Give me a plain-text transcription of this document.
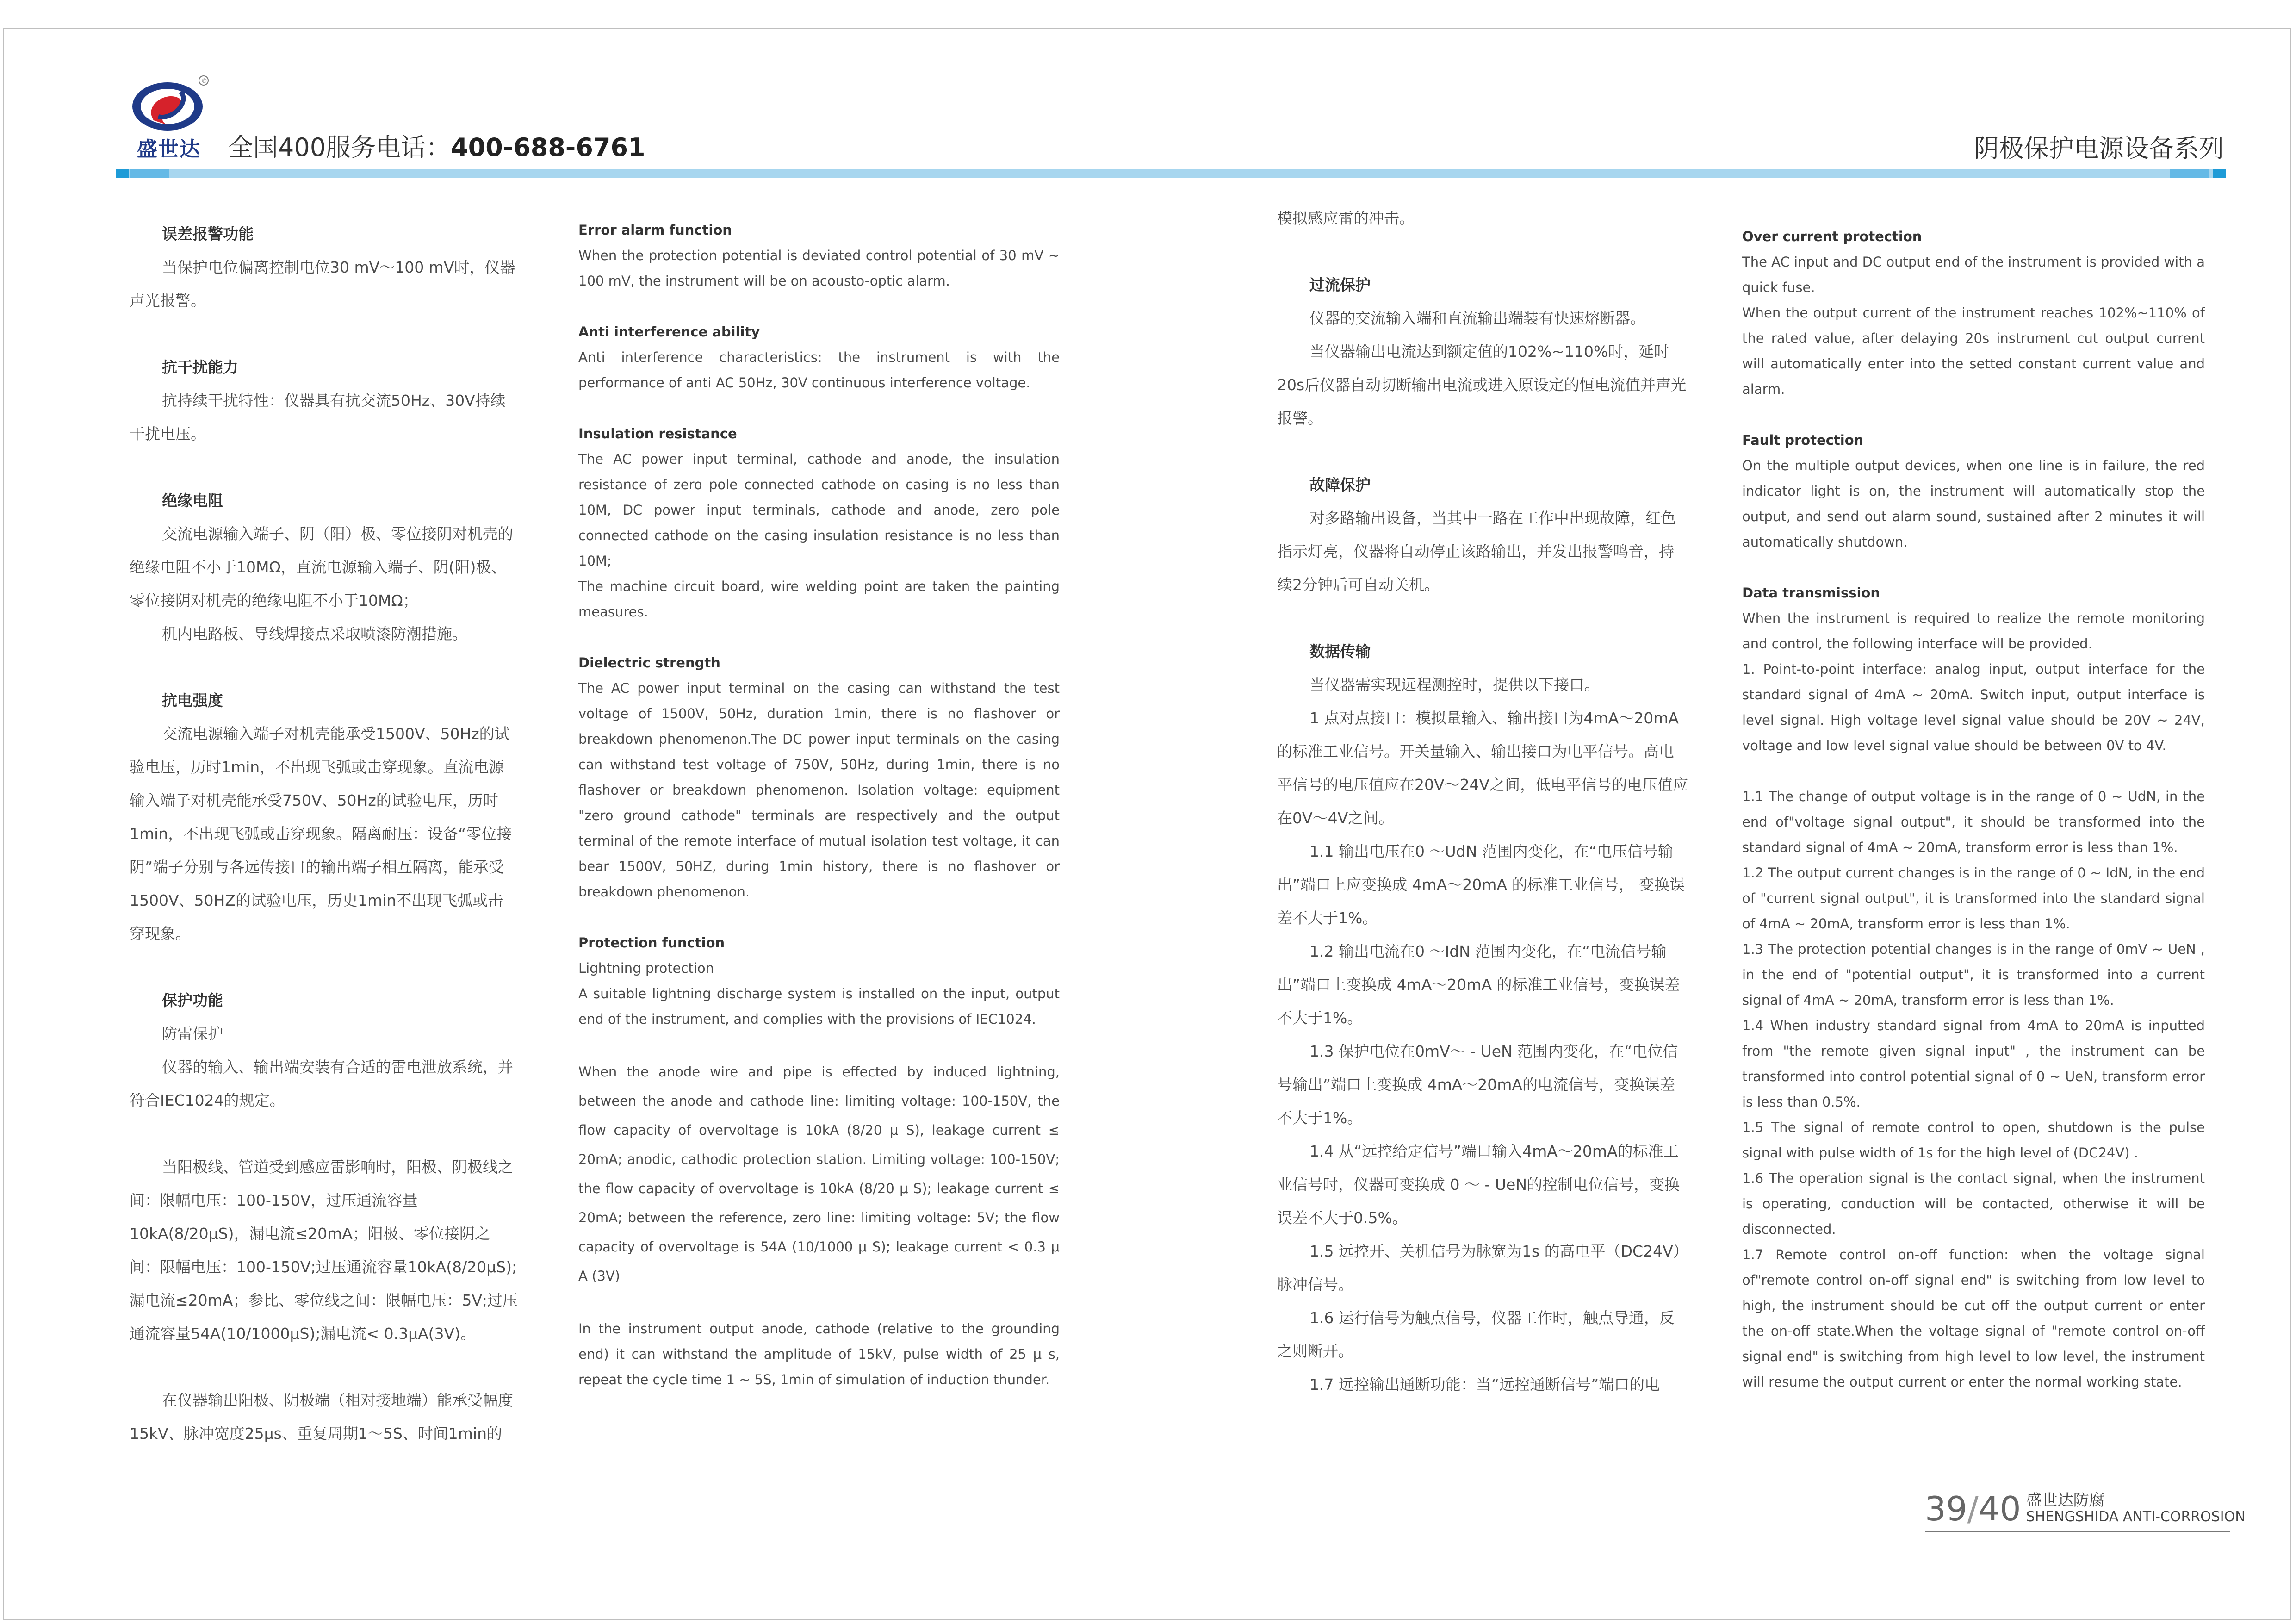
®
盛世达 全国400服务电话：400-688-6761	阴极保护电源设备系列
误差报警功能

当保护电位偏离控制电位30 mV～100 mV时，仪器声光报警。

抗干扰能力

抗持续干扰特性：仪器具有抗交流50Hz、30V持续干扰电压。

绝缘电阻

交流电源输入端子、阴（阳）极、零位接阴对机壳的绝缘电阻不小于10MΩ，直流电源输入端子、阴(阳)极、零位接阴对机壳的绝缘电阻不小于10MΩ；

机内电路板、导线焊接点采取喷漆防潮措施。

抗电强度

交流电源输入端子对机壳能承受1500V、50Hz的试验电压，历时1min，不出现飞弧或击穿现象。直流电源输入端子对机壳能承受750V、50Hz的试验电压，历时1min，不出现飞弧或击穿现象。隔离耐压：设备“零位接阴”端子分别与各远传接口的输出端子相互隔离，能承受1500V、50HZ的试验电压，历史1min不出现飞弧或击穿现象。

保护功能

防雷保护

仪器的输入、输出端安装有合适的雷电泄放系统，并符合IEC1024的规定。

当阳极线、管道受到感应雷影响时，阳极、阴极线之间：限幅电压：100-150V，过压通流容量10kA(8/20μS)，漏电流≤20mA；阳极、零位接阴之间：限幅电压：100-150V;过压通流容量10kA(8/20μS);漏电流≤20mA；参比、零位线之间：限幅电压：5V;过压通流容量54A(10/1000μS);漏电流< 0.3μA(3V)。

在仪器输出阳极、阴极端（相对接地端）能承受幅度15kV、脉冲宽度25μs、重复周期1～5S、时间1min的

Error alarm function

When the protection potential is deviated control potential of 30 mV ~ 100 mV, the instrument will be on acousto-optic alarm.

Anti interference ability

Anti interference characteristics: the instrument is with the performance of anti AC 50Hz, 30V continuous interference voltage.

Insulation resistance

The AC power input terminal, cathode and anode, the insulation resistance of zero pole connected cathode on casing is no less than 10M, DC power input terminals, cathode and anode, zero pole connected cathode on the casing insulation resistance is no less than 10M;

The machine circuit board, wire welding point are taken the painting measures.

Dielectric strength

The AC power input terminal on the casing can withstand the test voltage of 1500V, 50Hz, duration 1min, there is no flashover or breakdown phenomenon.The DC power input terminals on the casing can withstand test voltage of 750V, 50Hz, during 1min, there is no flashover or breakdown phenomenon. Isolation voltage: equipment "zero ground cathode" terminals are respectively and the output terminal of the remote interface of mutual isolation test voltage, it can bear 1500V, 50HZ, during 1min history, there is no flashover or breakdown phenomenon.

Protection function

Lightning protection

A suitable lightning discharge system is installed on the input, output end of the instrument, and complies with the provisions of IEC1024.

When the anode wire and pipe is effected by induced lightning, between the anode and cathode line: limiting voltage: 100-150V, the flow capacity of overvoltage is 10kA (8/20 μ S), leakage current ≤ 20mA; anodic, cathodic protection station. Limiting voltage: 100-150V; the flow capacity of overvoltage is 10kA (8/20 μ S); leakage current ≤ 20mA; between the reference, zero line: limiting voltage: 5V; the flow capacity of overvoltage is 54A (10/1000 μ S); leakage current < 0.3 μ A (3V)

In the instrument output anode, cathode (relative to the grounding end) it can withstand the amplitude of 15kV, pulse width of 25 μ s, repeat the cycle time 1 ~ 5S, 1min of simulation of induction thunder.

模拟感应雷的冲击。

过流保护

仪器的交流输入端和直流输出端装有快速熔断器。

当仪器输出电流达到额定值的102%~110%时，延时20s后仪器自动切断输出电流或进入原设定的恒电流值并声光报警。

故障保护

对多路输出设备，当其中一路在工作中出现故障，红色指示灯亮，仪器将自动停止该路输出，并发出报警鸣音，持续2分钟后可自动关机。

数据传输

当仪器需实现远程测控时，提供以下接口。

1 点对点接口：模拟量输入、输出接口为4mA～20mA的标准工业信号。开关量输入、输出接口为电平信号。高电平信号的电压值应在20V～24V之间，低电平信号的电压值应在0V～4V之间。

1.1 输出电压在0 ～UdN 范围内变化，在“电压信号输出”端口上应变换成 4mA～20mA 的标准工业信号， 变换误差不大于1%。

1.2 输出电流在0 ～IdN 范围内变化，在“电流信号输出”端口上变换成 4mA～20mA 的标准工业信号，变换误差不大于1%。

1.3 保护电位在0mV～ - UeN 范围内变化，在“电位信号输出”端口上变换成 4mA～20mA的电流信号，变换误差不大于1%。

1.4 从“远控给定信号”端口输入4mA～20mA的标准工业信号时，仪器可变换成 0 ～ - UeN的控制电位信号，变换误差不大于0.5%。

1.5 远控开、关机信号为脉宽为1s 的高电平（DC24V）脉冲信号。

1.6 运行信号为触点信号，仪器工作时，触点导通，反之则断开。

1.7 远控输出通断功能：当“远控通断信号”端口的电

Over current protection

The AC input and DC output end of the instrument is provided with a quick fuse.

When the output current of the instrument reaches 102%~110% of the rated value, after delaying 20s instrument cut output current will automatically enter into the setted constant current value and alarm.

Fault protection

On the multiple output devices, when one line is in failure, the red indicator light is on, the instrument will automatically stop the output, and send out alarm sound, sustained after 2 minutes it will automatically shutdown.

Data transmission

When the instrument is required to realize the remote monitoring and control, the following interface will be provided.

1. Point-to-point interface: analog input, output interface for the standard signal of 4mA ~ 20mA. Switch input, output interface is level signal. High voltage level signal value should be 20V ~ 24V, voltage and low level signal value should be between 0V to 4V.

1.1 The change of output voltage is in the range of 0 ~ UdN, in the end of"voltage signal output", it should be transformed into the standard signal of 4mA ~ 20mA, transform error is less than 1%.

1.2 The output current changes is in the range of 0 ~ IdN, in the end of "current signal output", it is transformed into the standard signal of 4mA ~ 20mA, transform error is less than 1%.

1.3 The protection potential changes is in the range of 0mV ~ UeN , in the end of "potential output", it is transformed into a current signal of 4mA ~ 20mA, transform error is less than 1%.

1.4 When industry standard signal from 4mA to 20mA is inputted from "the remote given signal input" , the instrument can be transformed into control potential signal of 0 ~ UeN, transform error is less than 0.5%.

1.5 The signal of remote control to open, shutdown is the pulse signal with pulse width of 1s for the high level of (DC24V) .

1.6 The operation signal is the contact signal, when the instrument is operating, conduction will be contacted, otherwise it will be disconnected.

1.7 Remote control on-off function: when the voltage signal of"remote control on-off signal end" is switching from low level to high, the instrument should be cut off the output current or enter the on-off state.When the voltage signal of "remote control on-off signal end" is switching from high level to low level, the instrument will resume the output current or enter the normal working state.

39/40 盛世达防腐
SHENGSHIDA ANTI-CORROSION
